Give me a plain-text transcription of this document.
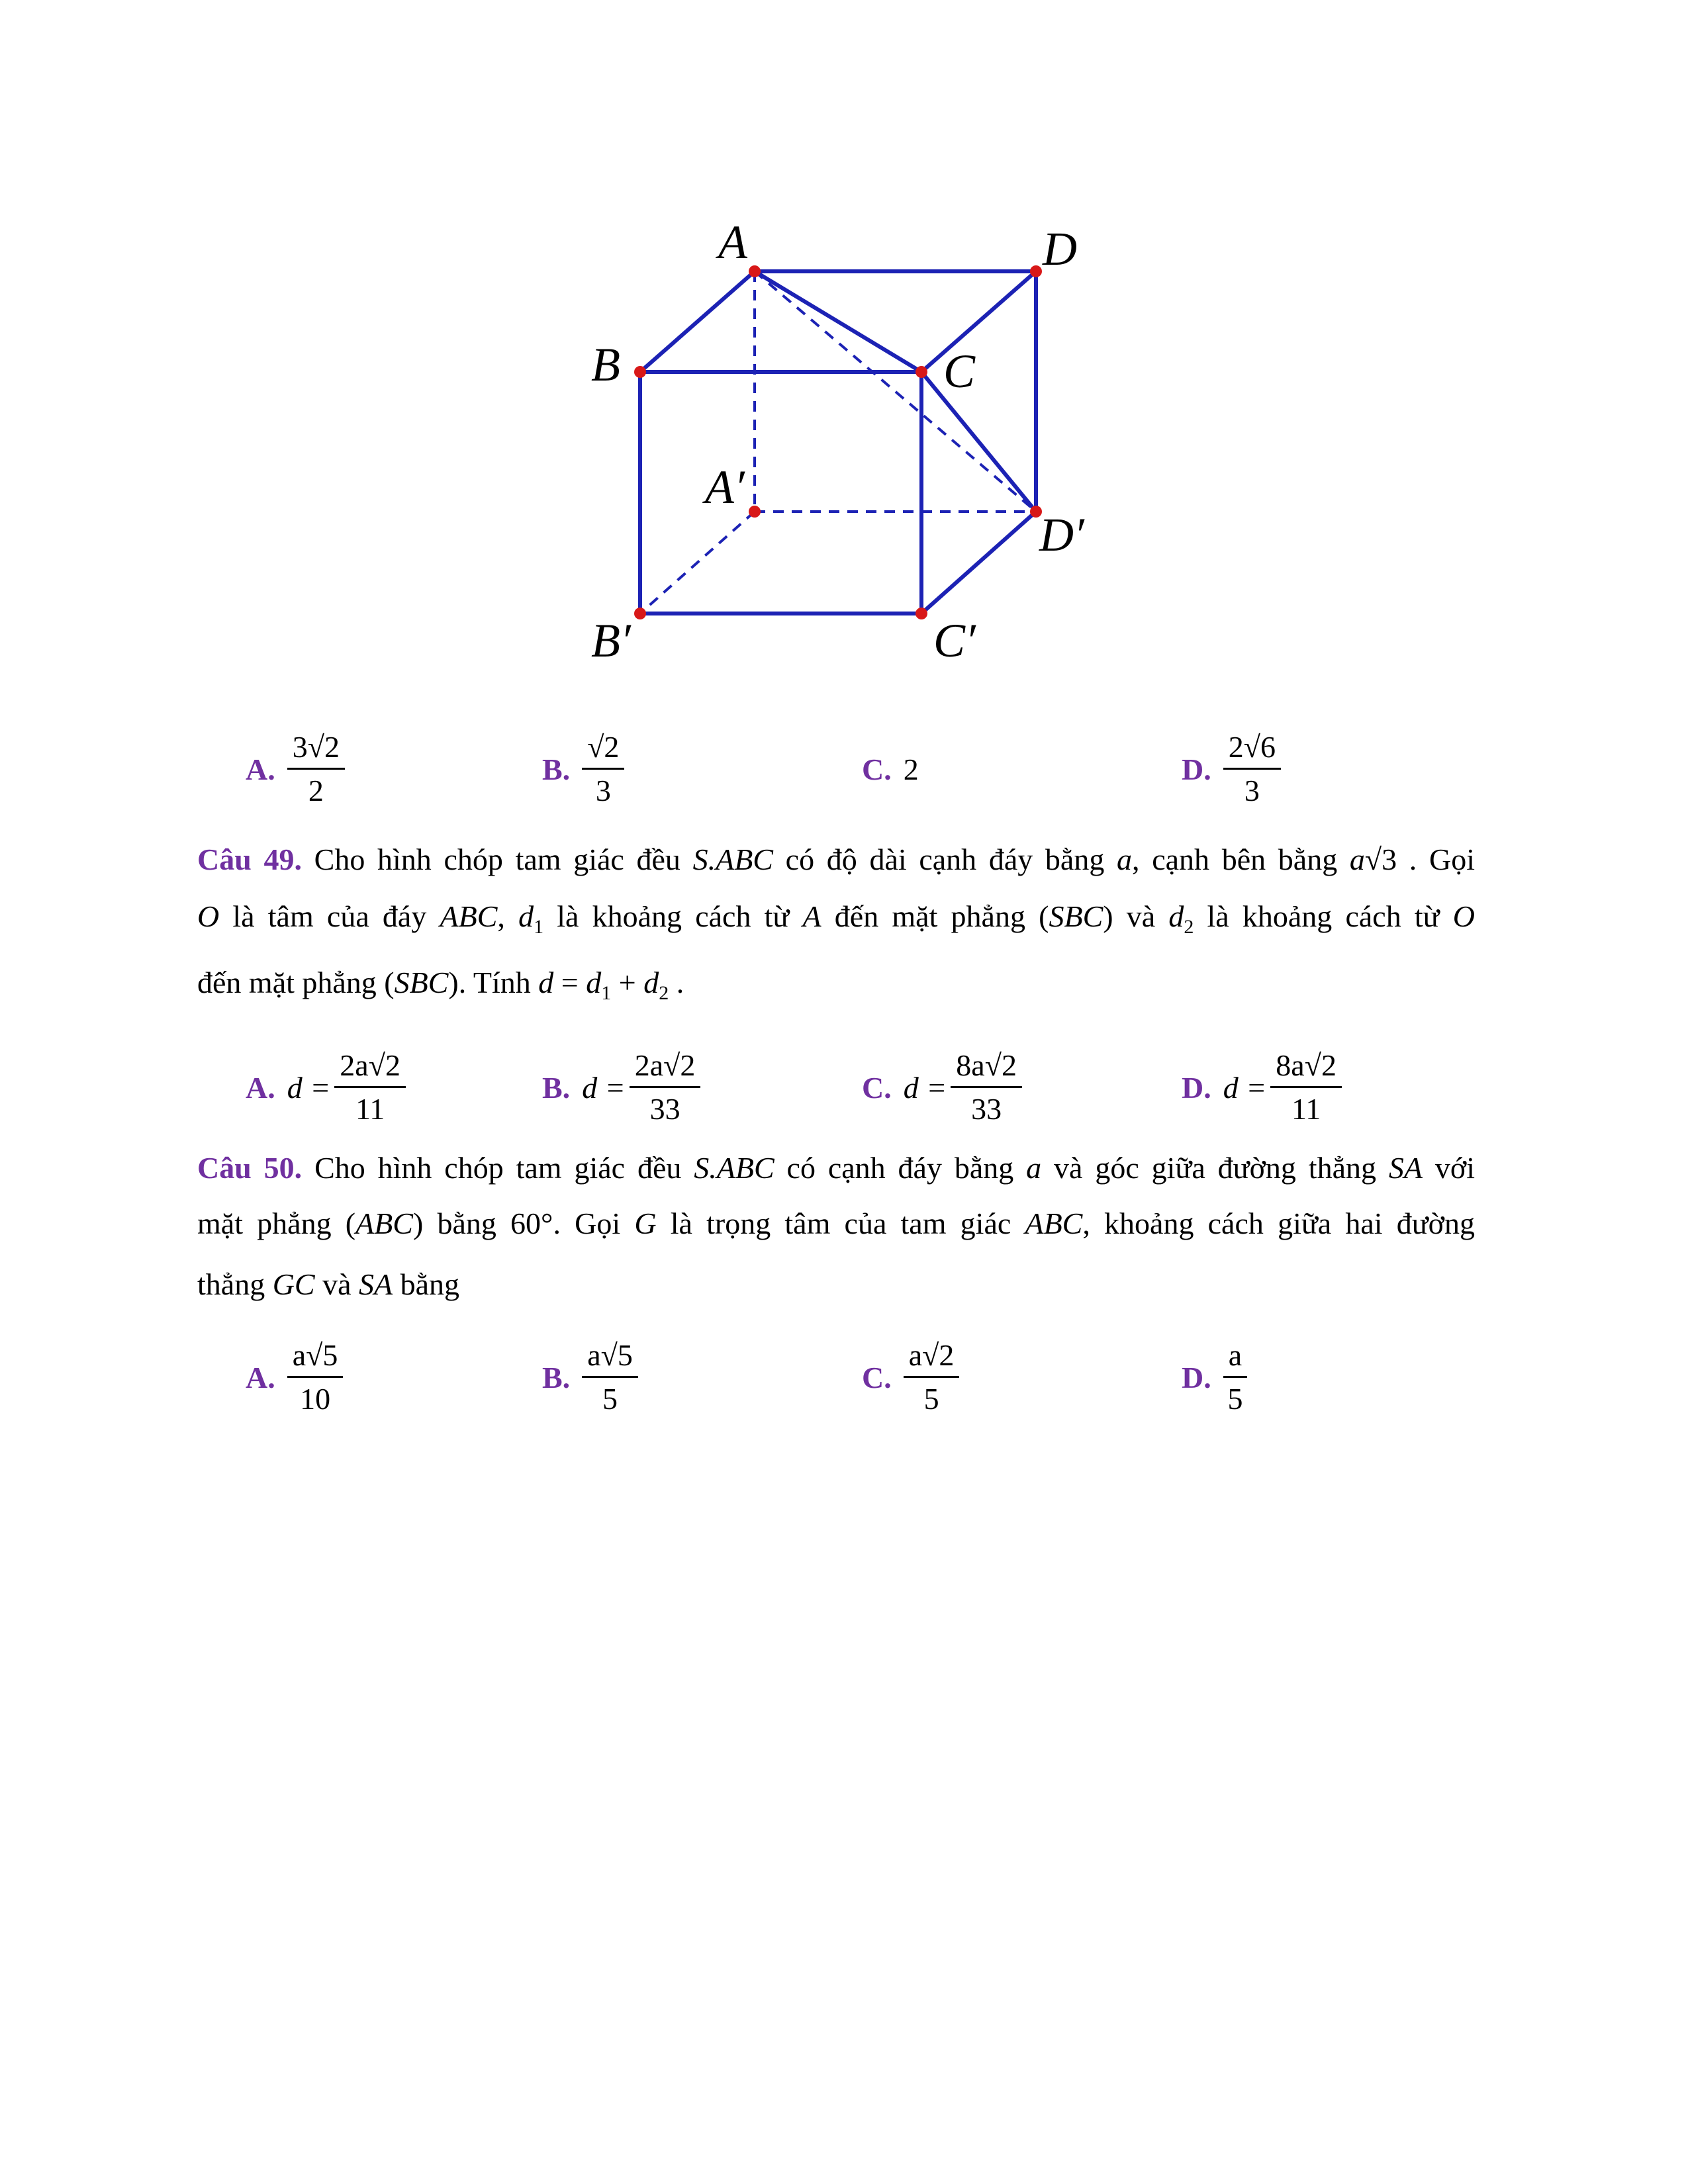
A	D
B	C
A′
D′
B′	C′
A. $\frac{3√2}{2}$	B. $\frac{√2}{3}$	C. 2	D. $\frac{2√6}{3}$
Câu 49. Cho hình chóp tam giác đều S.ABC có độ dài cạnh đáy bằng a, cạnh bên bằng a√3 . Gọi
O là tâm của đáy ABC, $d_1$ là khoảng cách từ A đến mặt phẳng (SBC) và $d_2$ là khoảng cách từ O
đến mặt phẳng (SBC). Tính $d = d_1 + d_2$ .
A. $d = \frac{2a√2}{11}$	B. $d = \frac{2a√2}{33}$	C. $d = \frac{8a√2}{33}$	D. $d = \frac{8a√2}{11}$
Câu 50. Cho hình chóp tam giác đều S.ABC có cạnh đáy bằng a và góc giữa đường thẳng SA với
mặt phẳng (ABC) bằng 60°. Gọi G là trọng tâm của tam giác ABC, khoảng cách giữa hai đường
thẳng GC và SA bằng
A. $\frac{a√5}{10}$	B. $\frac{a√5}{5}$	C. $\frac{a√2}{5}$	D. $\frac{a}{5}$
